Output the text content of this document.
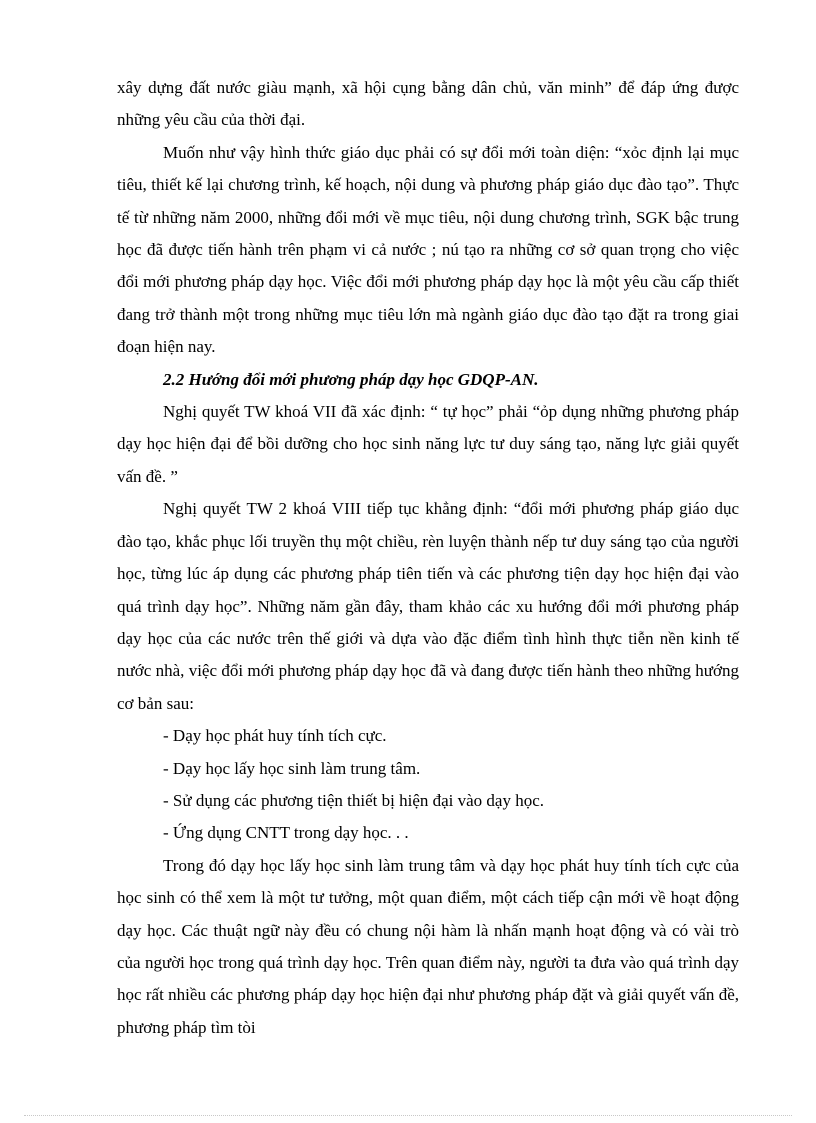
xây dựng đất nước giàu mạnh, xã hội cụng bằng dân chủ, văn minh” để đáp ứng được những yêu cầu của thời đại.

Muốn như vậy hình thức giáo dục phải có sự đổi mới toàn diện: “xỏc định lại mục tiêu, thiết kế lại chương trình, kế hoạch, nội dung và phương pháp giáo dục đào tạo”. Thực tế từ những năm 2000, những đổi mới về mục tiêu, nội dung chương trình, SGK bậc trung học đã được tiến hành trên phạm vi cả nước ; nú tạo ra những cơ sở quan trọng cho việc đổi mới phương pháp dạy học. Việc đổi mới phương pháp dạy học là một yêu cầu cấp thiết đang trở thành một trong những mục tiêu lớn mà ngành giáo dục đào tạo đặt ra trong giai đoạn hiện nay.

2.2 Hướng đổi mới phương pháp dạy học GDQP-AN.

Nghị quyết TW khoá VII đã xác định: “ tự học” phải “ỏp dụng những phương pháp dạy học hiện đại để bồi dưỡng cho học sinh năng lực tư duy sáng tạo, năng lực giải quyết vấn đề. ”

Nghị quyết TW 2 khoá VIII tiếp tục khẳng định: “đổi mới phương pháp giáo dục đào tạo, khắc phục lối truyền thụ một chiều, rèn luyện thành nếp tư duy sáng tạo của người học, từng lúc áp dụng các phương pháp tiên tiến và các phương tiện dạy học hiện đại vào quá trình dạy học”. Những năm gần đây, tham khảo các xu hướng đổi mới phương pháp dạy học của các nước trên thế giới và dựa vào đặc điểm tình hình thực tiễn nền kinh tế nước nhà, việc đổi mới phương pháp dạy học đã và đang được tiến hành theo những hướng cơ bản sau:

- Dạy học phát huy tính tích cực.

- Dạy học lấy học sinh làm trung tâm.

- Sử dụng các phương tiện thiết bị hiện đại vào dạy học.

- Ứng dụng CNTT trong dạy học. . .

Trong đó dạy học lấy học sinh làm trung tâm và dạy học phát huy tính tích cực của học sinh có thể xem là một tư tưởng, một quan điểm, một cách tiếp cận mới về hoạt động dạy học. Các thuật ngữ này đều có chung nội hàm là nhấn mạnh hoạt động và có vài trò của người học trong quá trình dạy học. Trên quan điểm này, người ta đưa vào quá trình dạy học rất nhiều các phương pháp dạy học hiện đại như phương pháp đặt và giải quyết vấn đề, phương pháp tìm tòi
